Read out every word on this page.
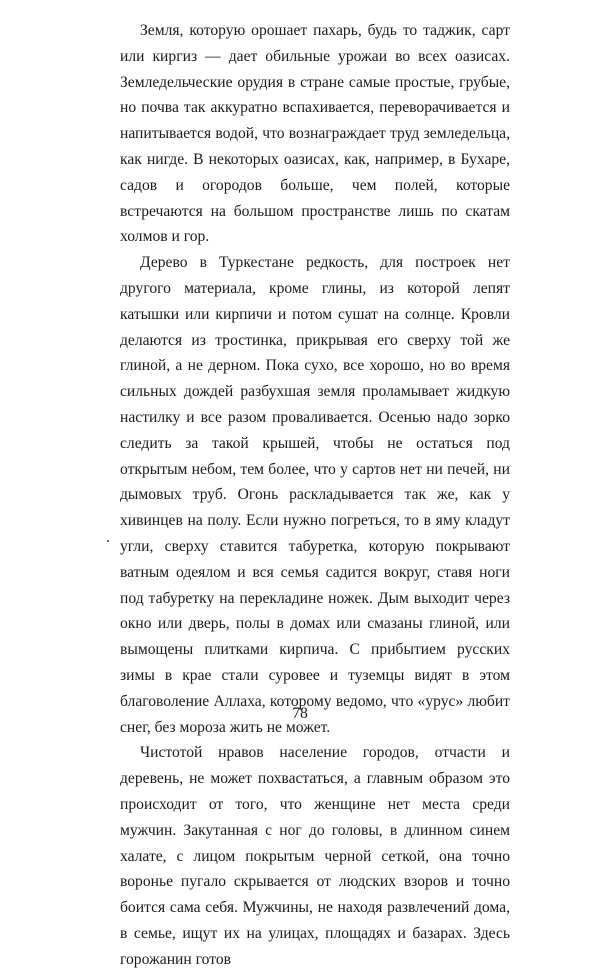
Земля, которую орошает пахарь, будь то таджик, сарт или киргиз — дает обильные урожаи во всех оазисах. Земледельческие орудия в стране самые простые, грубые, но почва так аккуратно вспахивается, переворачивается и напитывается водой, что вознаграждает труд земледельца, как нигде. В некоторых оазисах, как, например, в Бухаре, садов и огородов больше, чем полей, которые встречаются на большом пространстве лишь по скатам холмов и гор.

Дерево в Туркестане редкость, для построек нет другого материала, кроме глины, из которой лепят катышки или кирпичи и потом сушат на солнце. Кровли делаются из тростинка, прикрывая его сверху той же глиной, а не дерном. Пока сухо, все хорошо, но во время сильных дождей разбухшая земля проламывает жидкую настилку и все разом проваливается. Осенью надо зорко следить за такой крышей, чтобы не остаться под открытым небом, тем более, что у сартов нет ни печей, ни дымовых труб. Огонь раскладывается так же, как у хивинцев на полу. Если нужно погреться, то в яму кладут угли, сверху ставится табуретка, которую покрывают ватным одеялом и вся семья садится вокруг, ставя ноги под табуретку на перекладине ножек. Дым выходит через окно или дверь, полы в домах или смазаны глиной, или вымощены плитками кирпича. С прибытием русских зимы в крае стали суровее и туземцы видят в этом благоволение Аллаха, которому ведомо, что «урус» любит снег, без мороза жить не может.

Чистотой нравов население городов, отчасти и деревень, не может похвастаться, а главным образом это происходит от того, что женщине нет места среди мужчин. Закутанная с ног до головы, в длинном синем халате, с лицом покрытым черной сеткой, она точно воронье пугало скрывается от людских взоров и точно боится сама себя. Мужчины, не находя развлечений дома, в семье, ищут их на улицах, площадях и базарах. Здесь горожанин готов

78
